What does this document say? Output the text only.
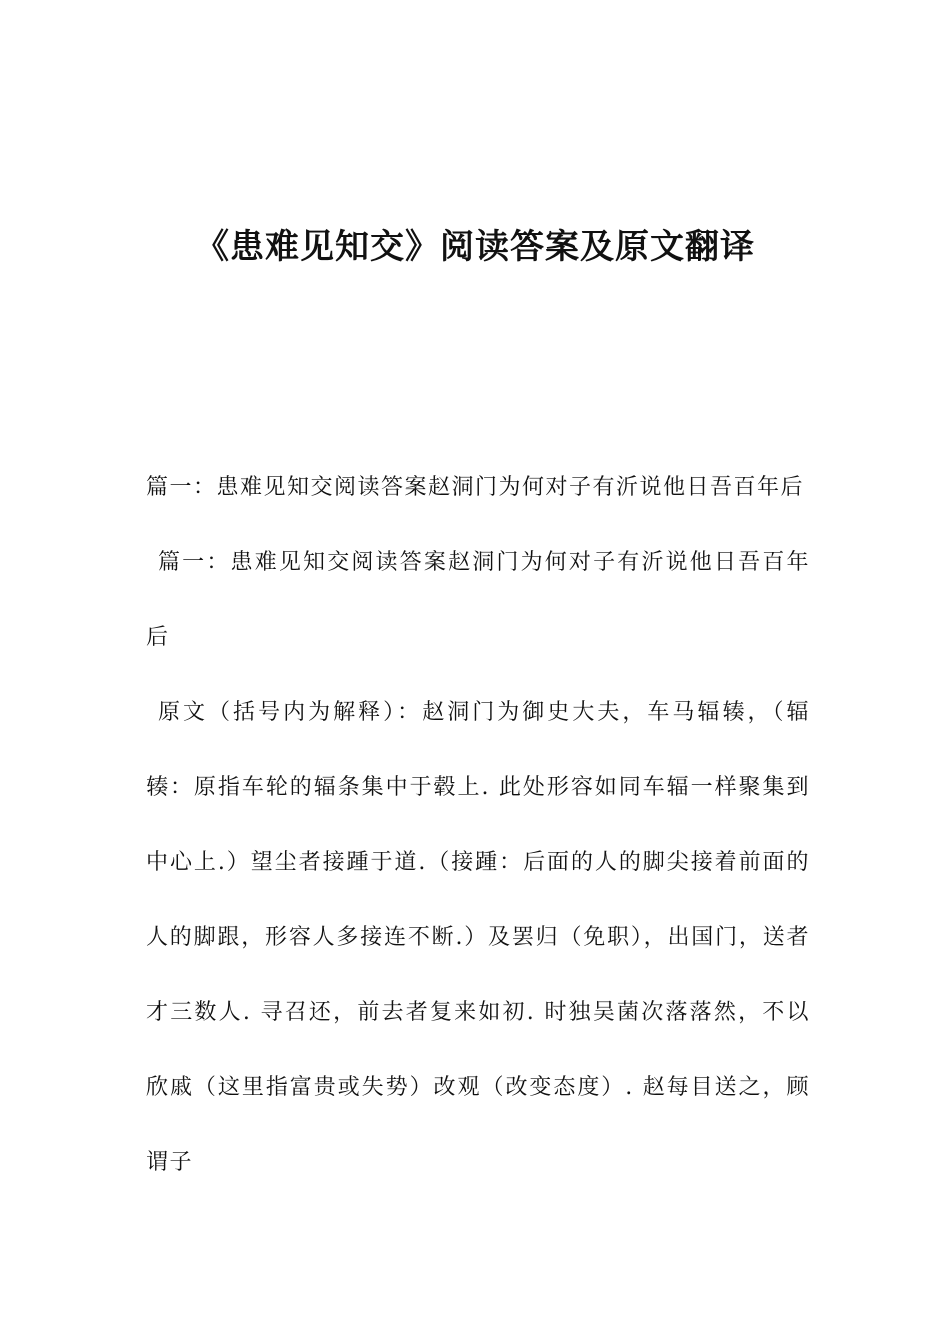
《患难见知交》阅读答案及原文翻译

篇一：患难见知交阅读答案赵洞门为何对子有沂说他日吾百年后

篇一：患难见知交阅读答案赵洞门为何对子有沂说他日吾百年后

原文（括号内为解释）：赵洞门为御史大夫，车马辐辏，（辐辏：原指车轮的辐条集中于毂上. 此处形容如同车辐一样聚集到中心上.）望尘者接踵于道.（接踵：后面的人的脚尖接着前面的人的脚跟，形容人多接连不断.）及罢归（免职），出国门，送者才三数人. 寻召还，前去者复来如初. 时独吴菌次落落然，不以欣戚（这里指富贵或失势）改观（改变态度）. 赵每目送之，顾谓子
